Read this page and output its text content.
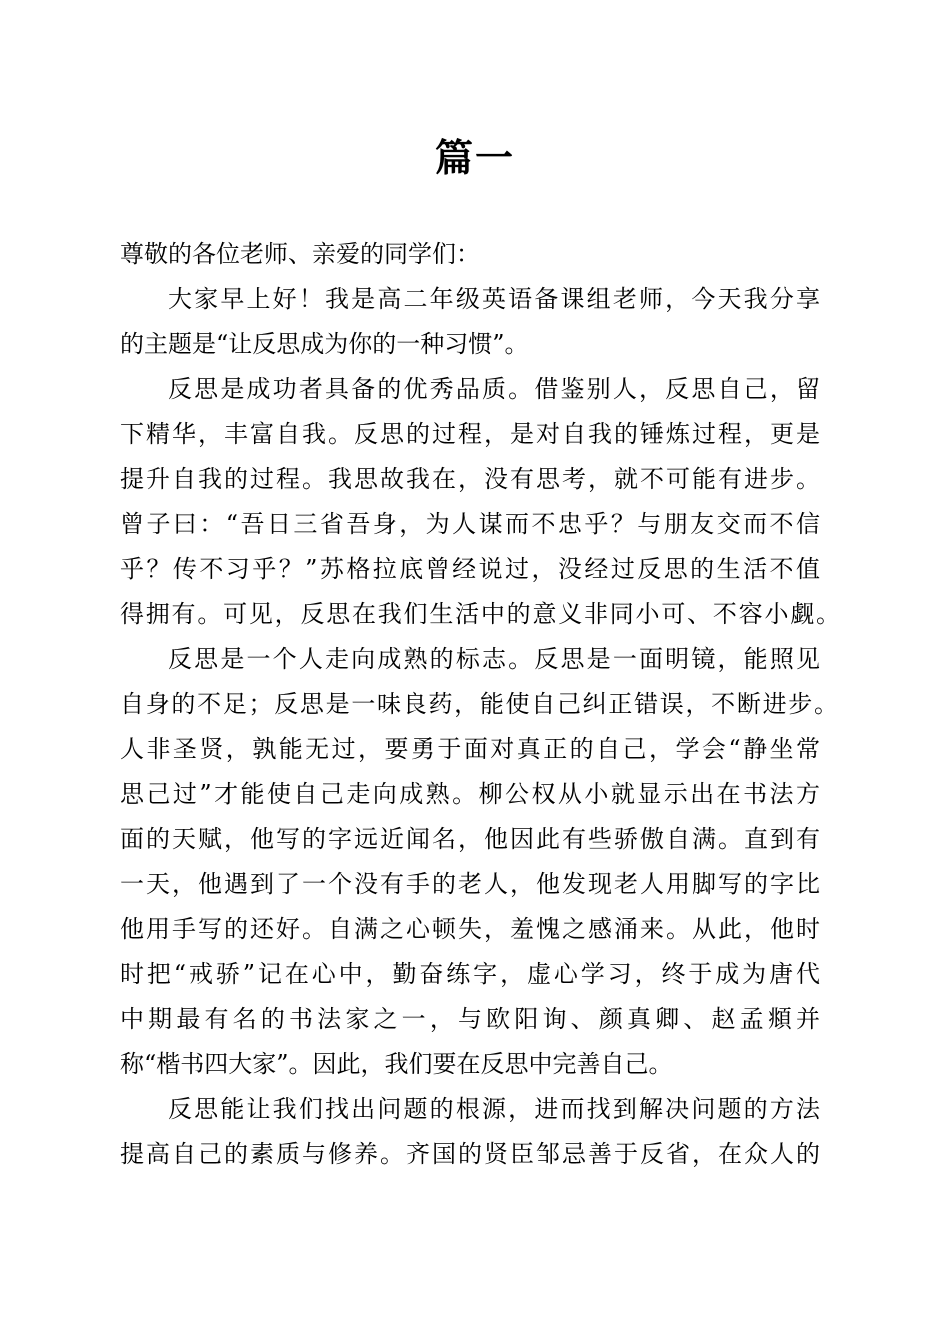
篇一
尊敬的各位老师、亲爱的同学们：
大家早上好！我是高二年级英语备课组老师，今天我分享
的主题是“让反思成为你的一种习惯”。
反思是成功者具备的优秀品质。借鉴别人，反思自己，留
下精华，丰富自我。反思的过程，是对自我的锤炼过程，更是
提升自我的过程。我思故我在，没有思考，就不可能有进步。
曾子曰：“吾日三省吾身，为人谋而不忠乎？与朋友交而不信
乎？传不习乎？”苏格拉底曾经说过，没经过反思的生活不值
得拥有。可见，反思在我们生活中的意义非同小可、不容小觑。
反思是一个人走向成熟的标志。反思是一面明镜，能照见
自身的不足；反思是一味良药，能使自己纠正错误，不断进步。
人非圣贤，孰能无过，要勇于面对真正的自己，学会“静坐常
思己过”才能使自己走向成熟。柳公权从小就显示出在书法方
面的天赋，他写的字远近闻名，他因此有些骄傲自满。直到有
一天，他遇到了一个没有手的老人，他发现老人用脚写的字比
他用手写的还好。自满之心顿失，羞愧之感涌来。从此，他时
时把“戒骄”记在心中，勤奋练字，虚心学习，终于成为唐代
中期最有名的书法家之一，与欧阳询、颜真卿、赵孟頫并
称“楷书四大家”。因此，我们要在反思中完善自己。
反思能让我们找出问题的根源，进而找到解决问题的方法
提高自己的素质与修养。齐国的贤臣邹忌善于反省，在众人的
